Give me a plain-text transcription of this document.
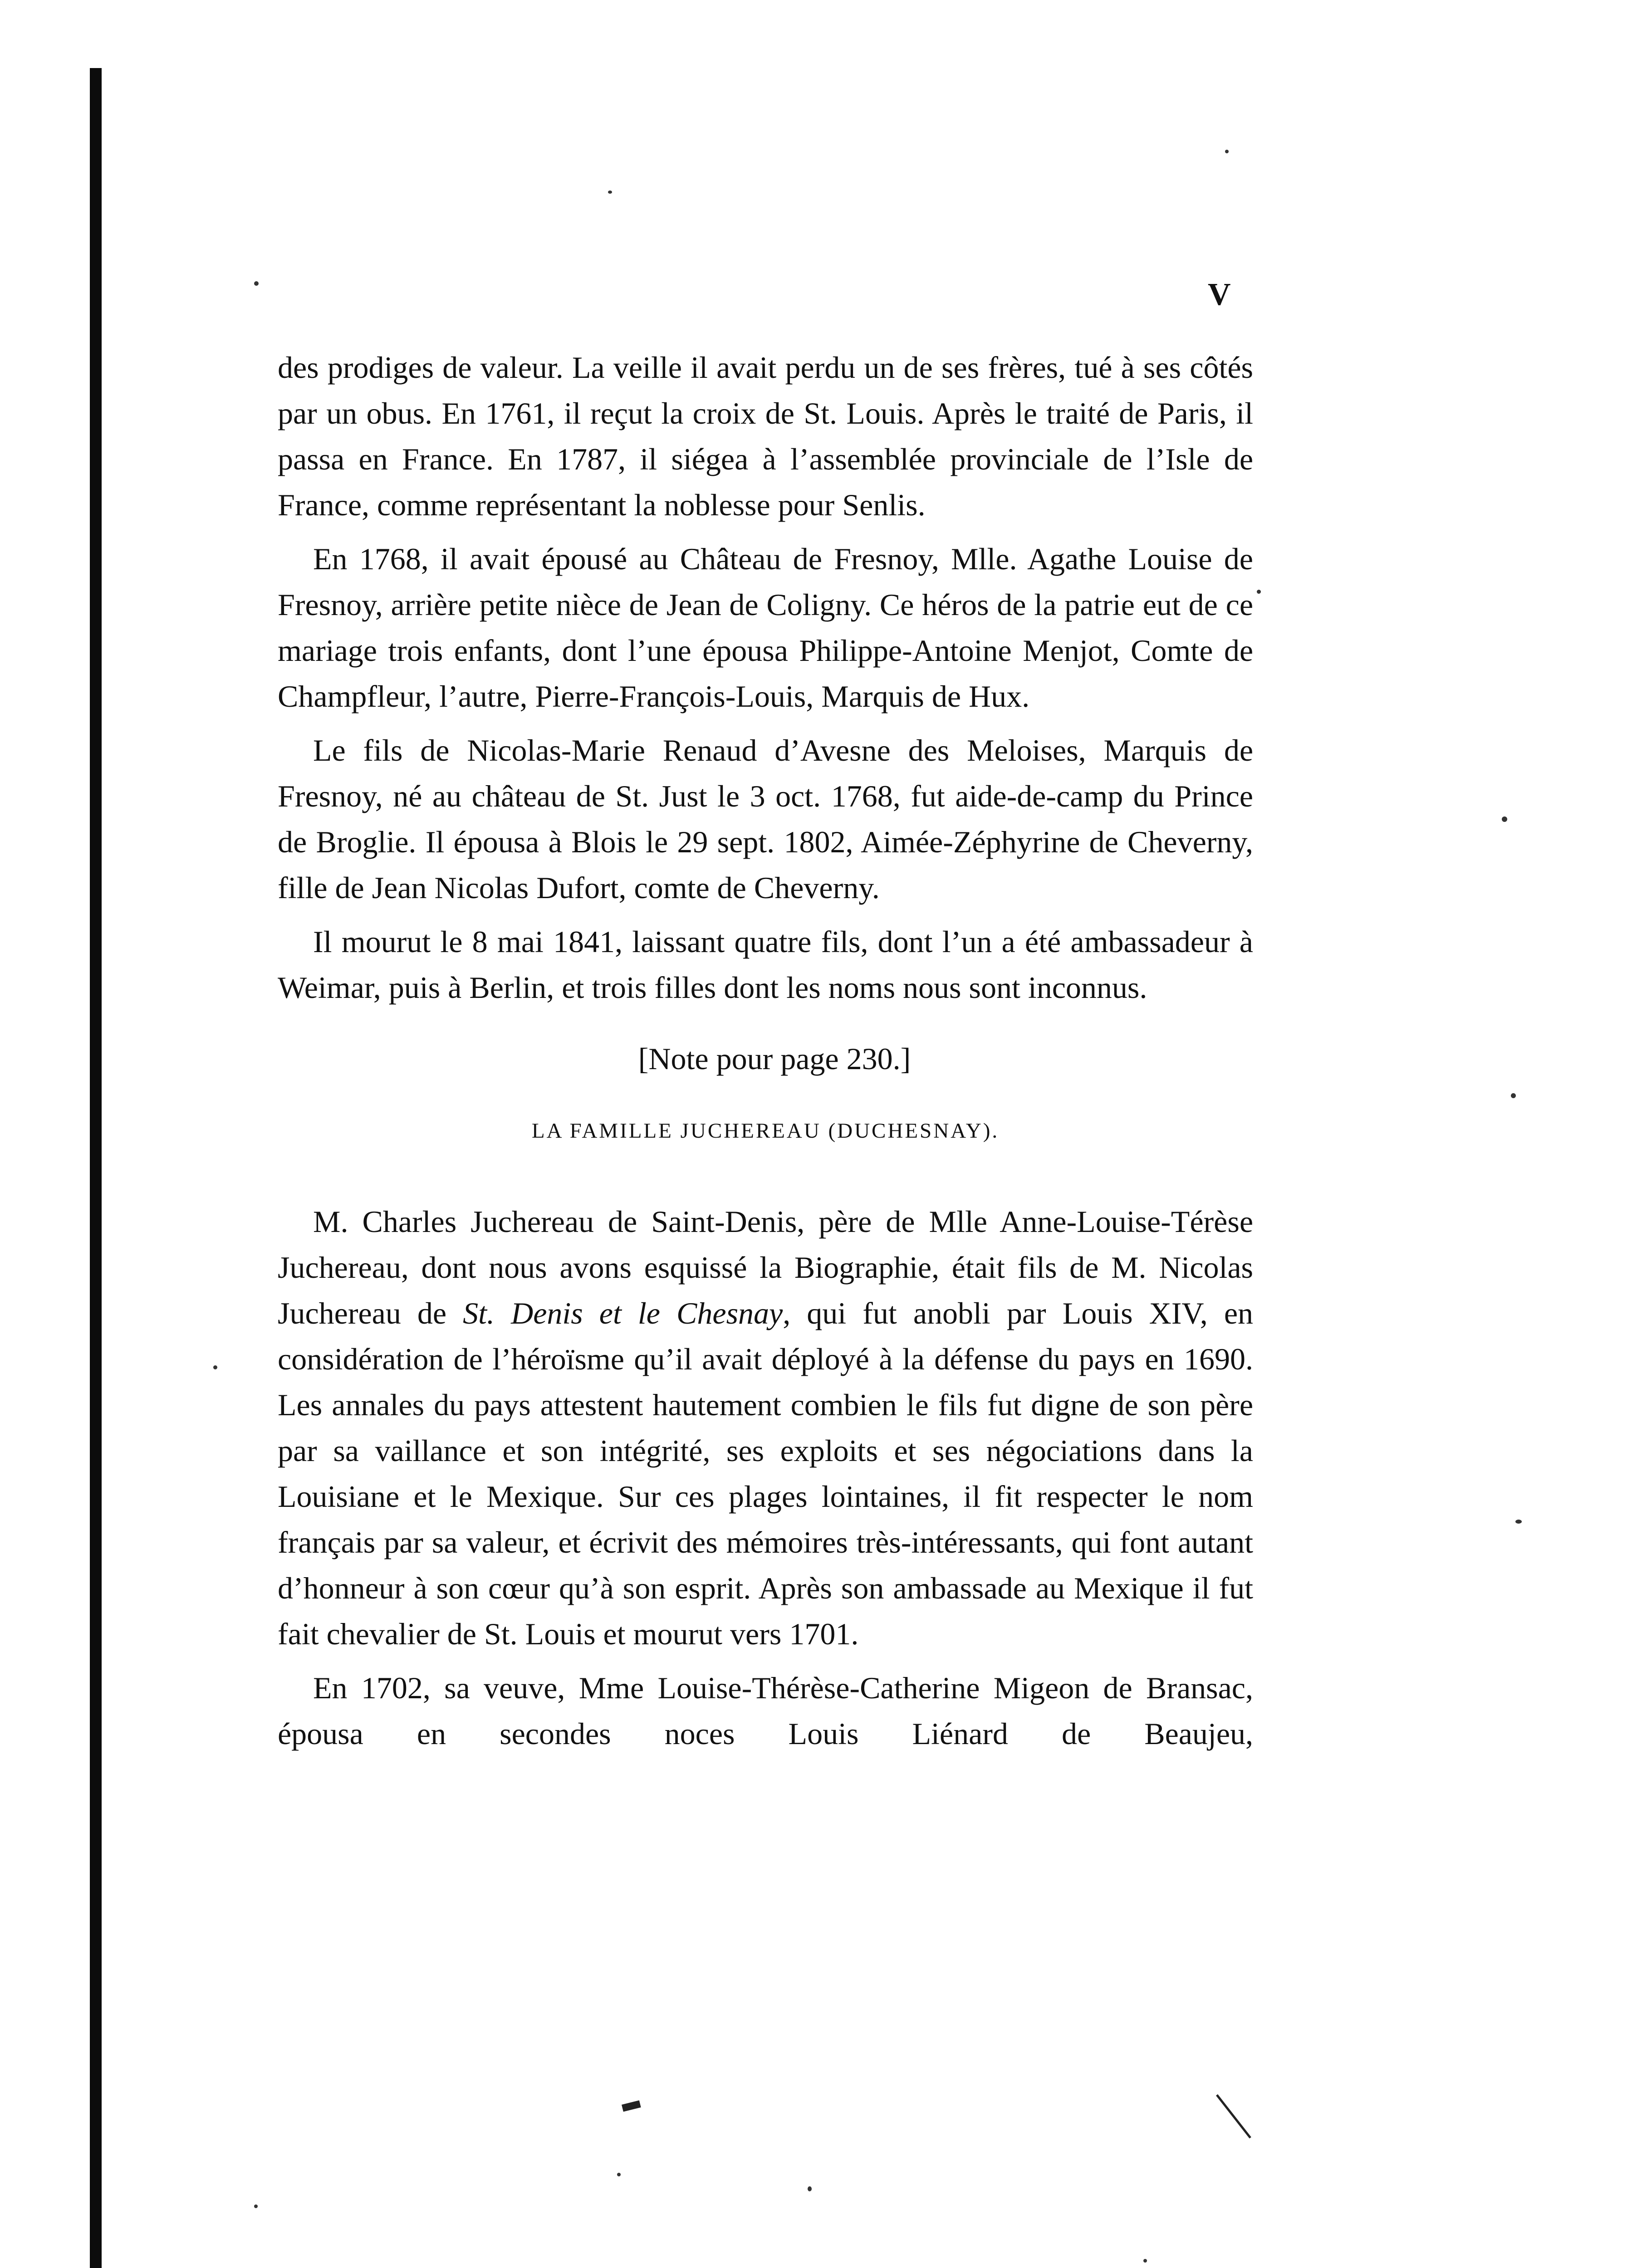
V

des prodiges de valeur. La veille il avait perdu un de ses frères, tué à ses côtés par un obus. En 1761, il reçut la croix de St. Louis. Après le traité de Paris, il passa en France. En 1787, il siégea à l’assemblée provinciale de l’Isle de France, comme représentant la noblesse pour Senlis.

En 1768, il avait épousé au Château de Fresnoy, Mlle. Agathe Louise de Fresnoy, arrière petite nièce de Jean de Coligny. Ce héros de la patrie eut de ce mariage trois enfants, dont l’une épousa Philippe-Antoine Menjot, Comte de Champfleur, l’autre, Pierre-François-Louis, Marquis de Hux.

Le fils de Nicolas-Marie Renaud d’Avesne des Meloises, Marquis de Fresnoy, né au château de St. Just le 3 oct. 1768, fut aide-de-camp du Prince de Broglie. Il épousa à Blois le 29 sept. 1802, Aimée-Zéphyrine de Cheverny, fille de Jean Nicolas Dufort, comte de Cheverny.

Il mourut le 8 mai 1841, laissant quatre fils, dont l’un a été ambassadeur à Weimar, puis à Berlin, et trois filles dont les noms nous sont inconnus.

[Note pour page 230.]
LA FAMILLE JUCHEREAU (DUCHESNAY).

M. Charles Juchereau de Saint-Denis, père de Mlle Anne-Louise-Térèse Juchereau, dont nous avons esquissé la Biographie, était fils de M. Nicolas Juchereau de St. Denis et le Chesnay, qui fut anobli par Louis XIV, en considération de l’héroïsme qu’il avait déployé à la défense du pays en 1690. Les annales du pays attestent hautement combien le fils fut digne de son père par sa vaillance et son intégrité, ses exploits et ses négociations dans la Louisiane et le Mexique. Sur ces plages lointaines, il fit respecter le nom français par sa valeur, et écrivit des mémoires très-intéressants, qui font autant d’honneur à son cœur qu’à son esprit. Après son ambassade au Mexique il fut fait chevalier de St. Louis et mourut vers 1701.

En 1702, sa veuve, Mme Louise-Thérèse-Catherine Migeon de Bransac, épousa en secondes noces Louis Liénard de Beaujeu,
